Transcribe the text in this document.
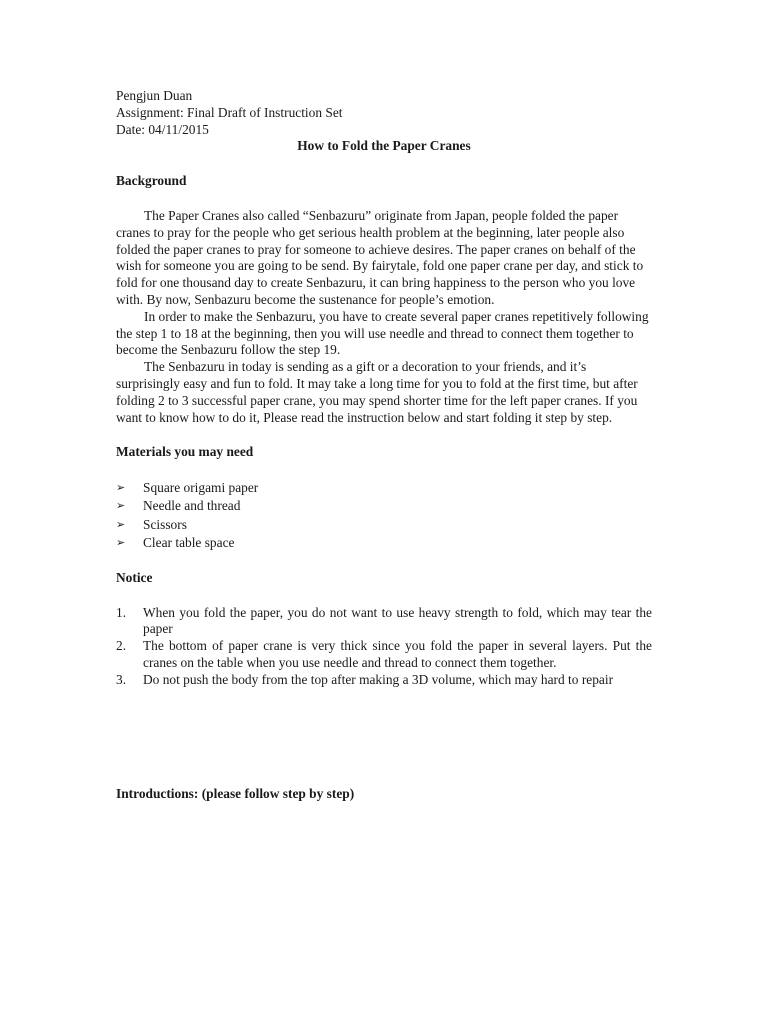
Pengjun Duan
Assignment: Final Draft of Instruction Set
Date: 04/11/2015
How to Fold the Paper Cranes
Background

The Paper Cranes also called “Senbazuru” originate from Japan, people folded the paper cranes to pray for the people who get serious health problem at the beginning, later people also folded the paper cranes to pray for someone to achieve desires. The paper cranes on behalf of the wish for someone you are going to be send. By fairytale, fold one paper crane per day, and stick to fold for one thousand day to create Senbazuru, it can bring happiness to the person who you love with. By now, Senbazuru become the sustenance for people’s emotion.

In order to make the Senbazuru, you have to create several paper cranes repetitively following the step 1 to 18 at the beginning, then you will use needle and thread to connect them together to become the Senbazuru follow the step 19.

The Senbazuru in today is sending as a gift or a decoration to your friends, and it’s surprisingly easy and fun to fold. It may take a long time for you to fold at the first time, but after folding 2 to 3 successful paper crane, you may spend shorter time for the left paper cranes. If you want to know how to do it, Please read the instruction below and start folding it step by step.

Materials you may need
➢ Square origami paper
➢ Needle and thread
➢ Scissors
➢ Clear table space
Notice
1. When you fold the paper, you do not want to use heavy strength to fold, which may tear the paper
2. The bottom of paper crane is very thick since you fold the paper in several layers. Put the cranes on the table when you use needle and thread to connect them together.
3. Do not push the body from the top after making a 3D volume, which may hard to repair
Introductions: (please follow step by step)
